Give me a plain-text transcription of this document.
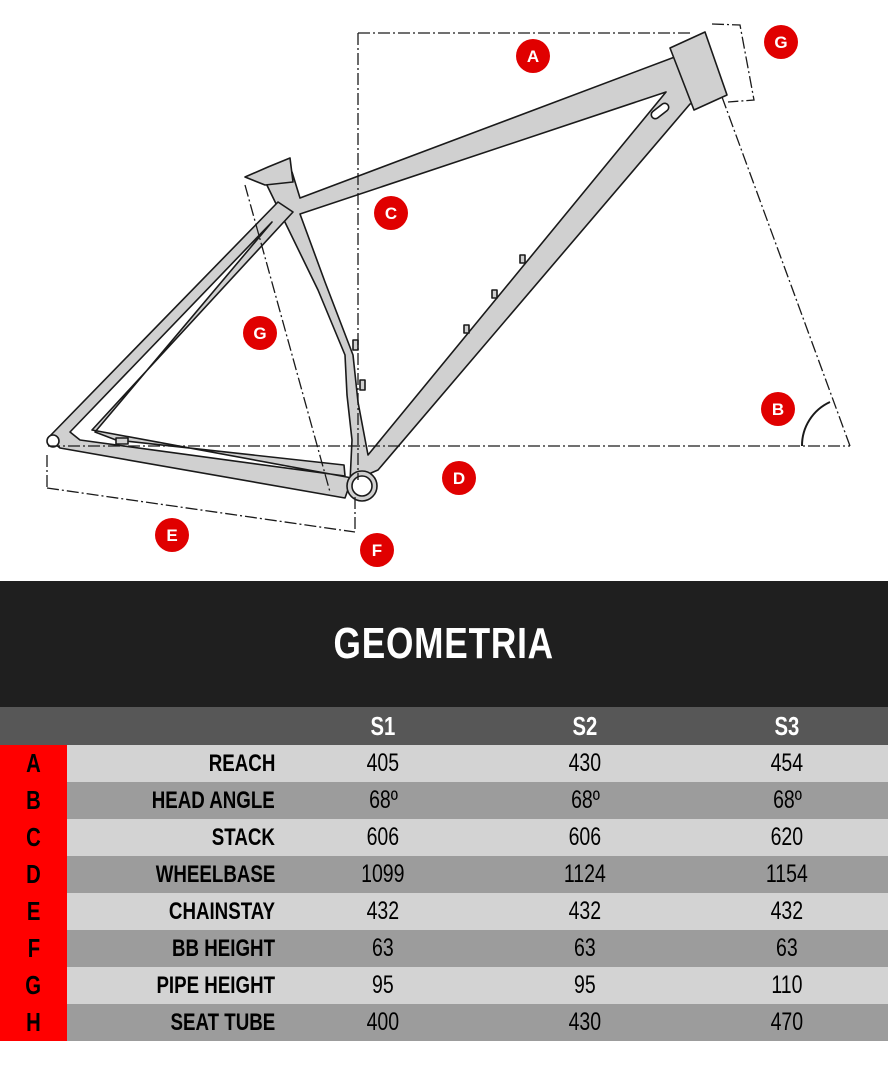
A
G
C
G
B
D
E
F
GEOMETRIA
		S1	S2	S3
A	REACH	405	430	454
B	HEAD ANGLE	68º	68º	68º
C	STACK	606	606	620
D	WHEELBASE	1099	1124	1154
E	CHAINSTAY	432	432	432
F	BB HEIGHT	63	63	63
G	PIPE HEIGHT	95	95	110
H	SEAT TUBE	400	430	470
